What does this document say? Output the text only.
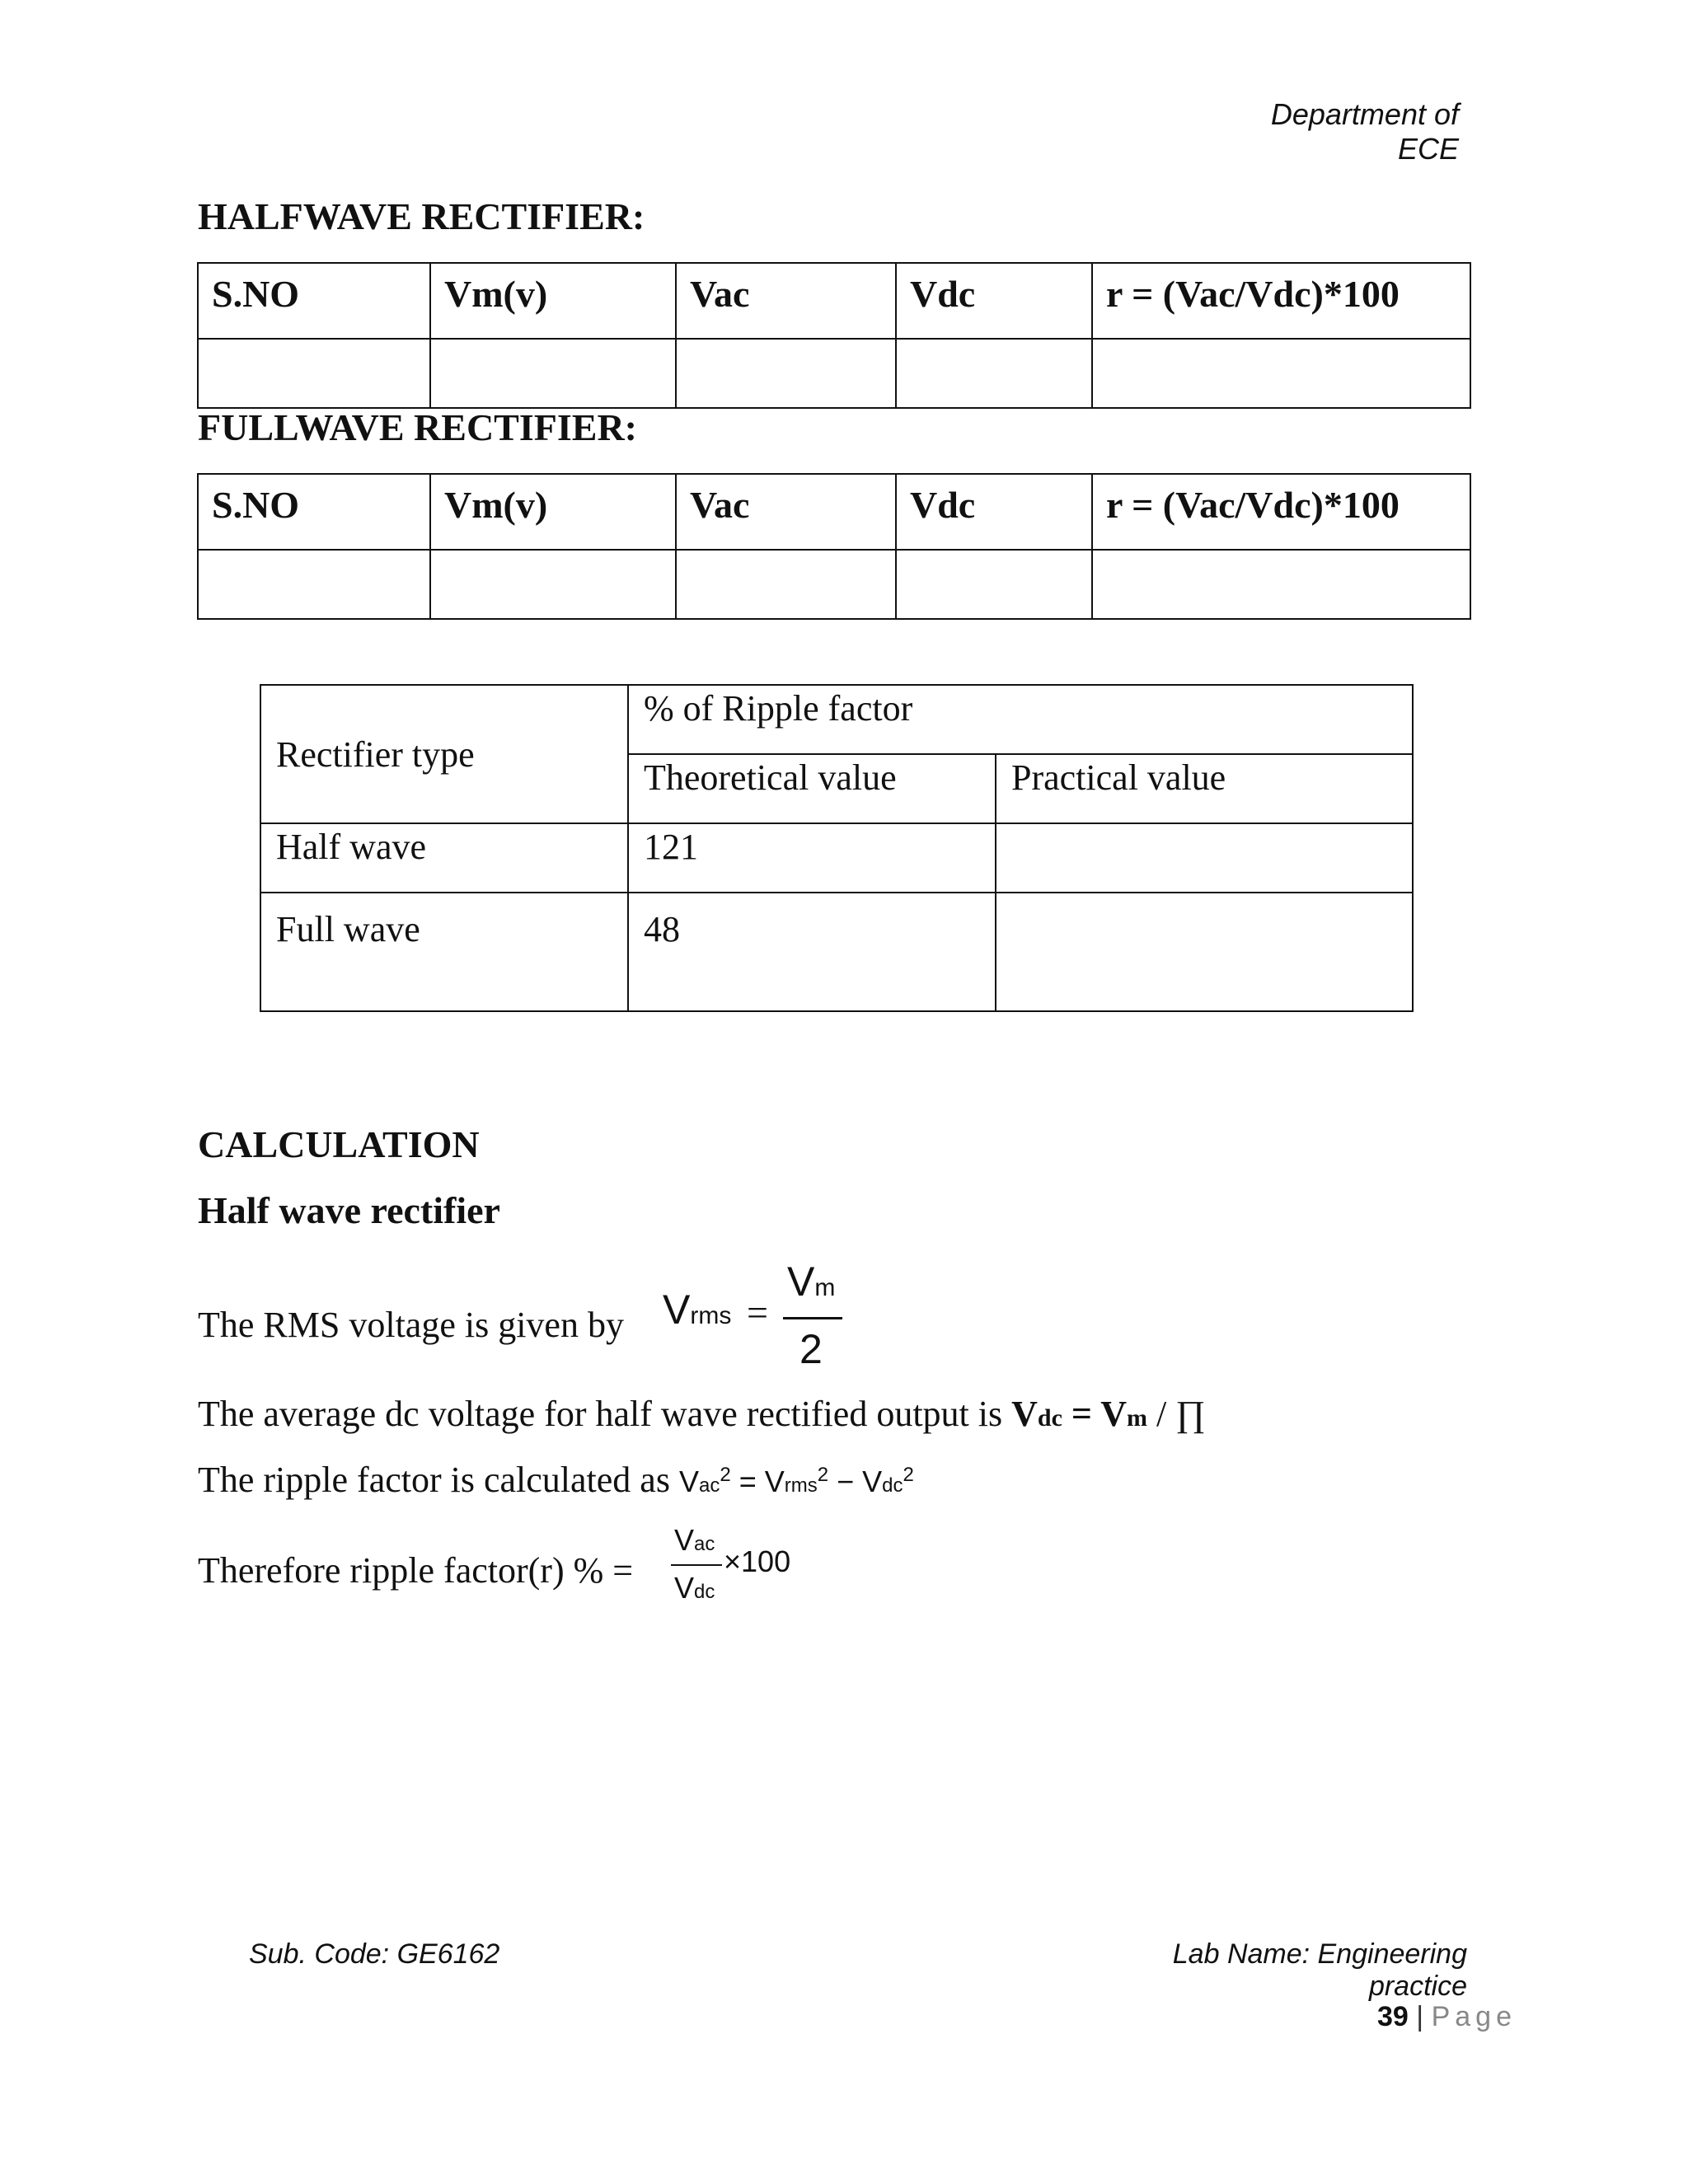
Department of ECE
HALFWAVE RECTIFIER:
S.NO	Vm(v)	Vac	Vdc	r = (Vac/Vdc)*100

FULLWAVE RECTIFIER:
S.NO	Vm(v)	Vac	Vdc	r = (Vac/Vdc)*100

Rectifier type	% of Ripple factor	
	Theoretical value	Practical value
Half wave	121	
Full wave	48	
CALCULATION
Half wave rectifier
The RMS voltage is given by Vrms =
Vm
2
The average dc voltage for half wave rectified output is Vdc = Vm / ∏
The ripple factor is calculated as Vac$^2$ = Vrms$^2$ − Vdc$^2$
Therefore ripple factor(r) % =
Vac
Vdc
×100
Sub. Code: GE6162	Lab Name: Engineering practice
39 | Page
